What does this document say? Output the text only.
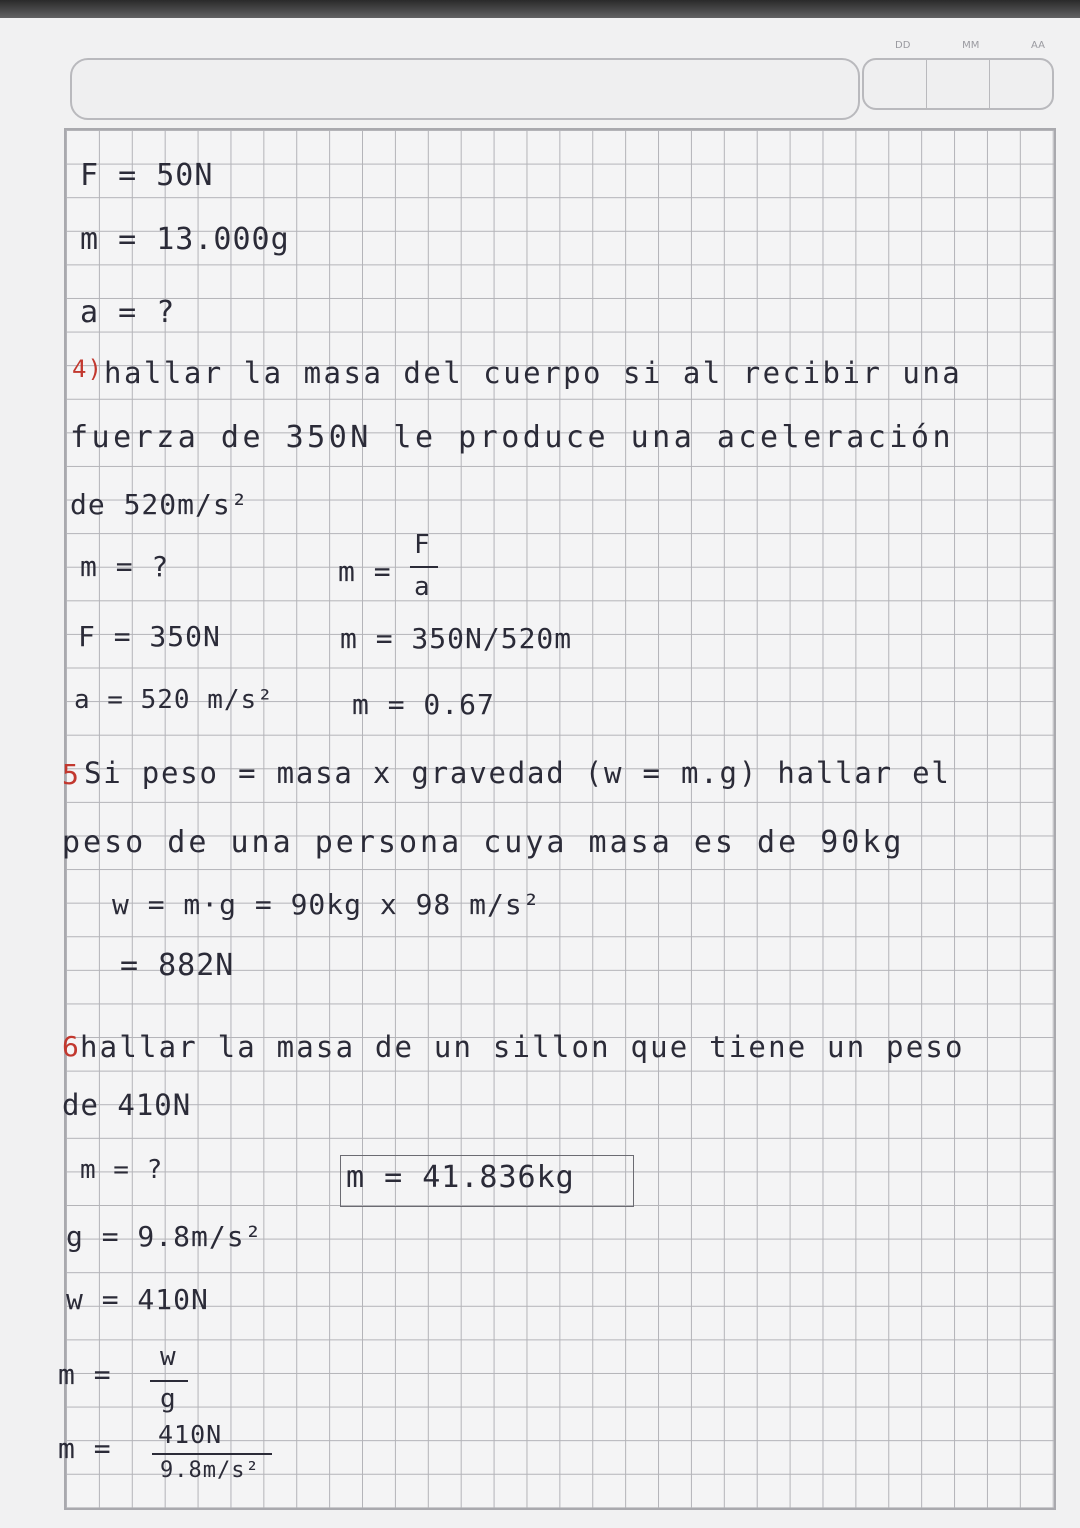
DD	MM	AA
F = 50N
m = 13.000g
a = ?
4) hallar la masa del cuerpo si al recibir una
fuerza de 350N le produce una aceleración
de 520m/s²
m = ?	m =
F
a
F = 350N	m = 350N/520m
a = 520 m/s²	m = 0.67
5 Si peso = masa x gravedad (w = m.g) hallar el
peso de una persona cuya masa es de 90kg
w = m·g = 90kg x 98 m/s²
= 882N
6 hallar la masa de un sillon que tiene un peso
de 410N
m = ?	m = 41.836kg
g = 9.8m/s²
w = 410N
m =
w
g
m = 410N
9.8m/s²
